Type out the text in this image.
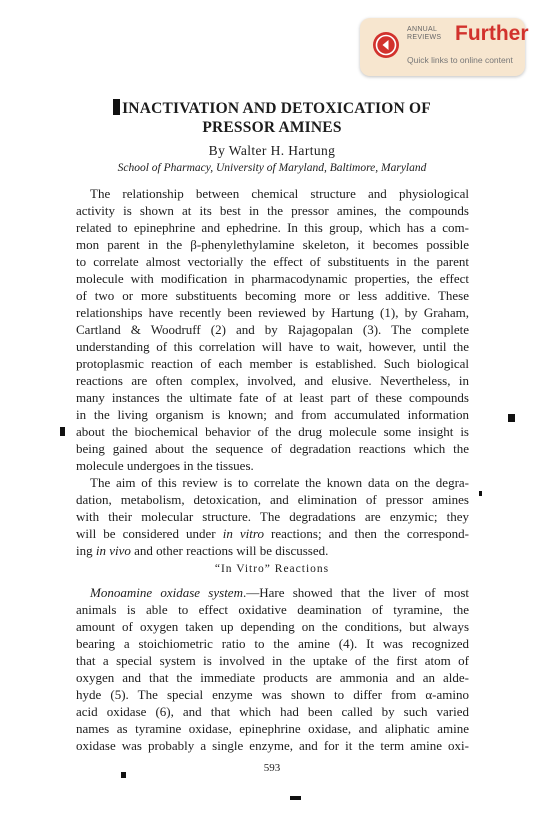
ANNUAL
REVIEWS Further
Quick links to online content
INACTIVATION AND DETOXICATION OF
PRESSOR AMINES
By Walter H. Hartung
School of Pharmacy, University of Maryland, Baltimore, Maryland
The relationship between chemical structure and physiological
activity is shown at its best in the pressor amines, the compounds
related to epinephrine and ephedrine. In this group, which has a com-
mon parent in the β-phenylethylamine skeleton, it becomes possible
to correlate almost vectorially the effect of substituents in the parent
molecule with modification in pharmacodynamic properties, the effect
of two or more substituents becoming more or less additive. These
relationships have recently been reviewed by Hartung (1), by Graham,
Cartland & Woodruff (2) and by Rajagopalan (3). The complete
understanding of this correlation will have to wait, however, until the
protoplasmic reaction of each member is established. Such biological
reactions are often complex, involved, and elusive. Nevertheless, in
many instances the ultimate fate of at least part of these compounds
in the living organism is known; and from accumulated information
about the biochemical behavior of the drug molecule some insight is
being gained about the sequence of degradation reactions which the
molecule undergoes in the tissues.
The aim of this review is to correlate the known data on the degra-
dation, metabolism, detoxication, and elimination of pressor amines
with their molecular structure. The degradations are enzymic; they
will be considered under in vitro reactions; and then the correspond-
ing in vivo and other reactions will be discussed.
“In Vitro” Reactions
Monoamine oxidase system.—Hare showed that the liver of most
animals is able to effect oxidative deamination of tyramine, the
amount of oxygen taken up depending on the conditions, but always
bearing a stoichiometric ratio to the amine (4). It was recognized
that a special system is involved in the uptake of the first atom of
oxygen and that the immediate products are ammonia and an alde-
hyde (5). The special enzyme was shown to differ from α-amino
acid oxidase (6), and that which had been called by such varied
names as tyramine oxidase, epinephrine oxidase, and aliphatic amine
oxidase was probably a single enzyme, and for it the term amine oxi-
593
